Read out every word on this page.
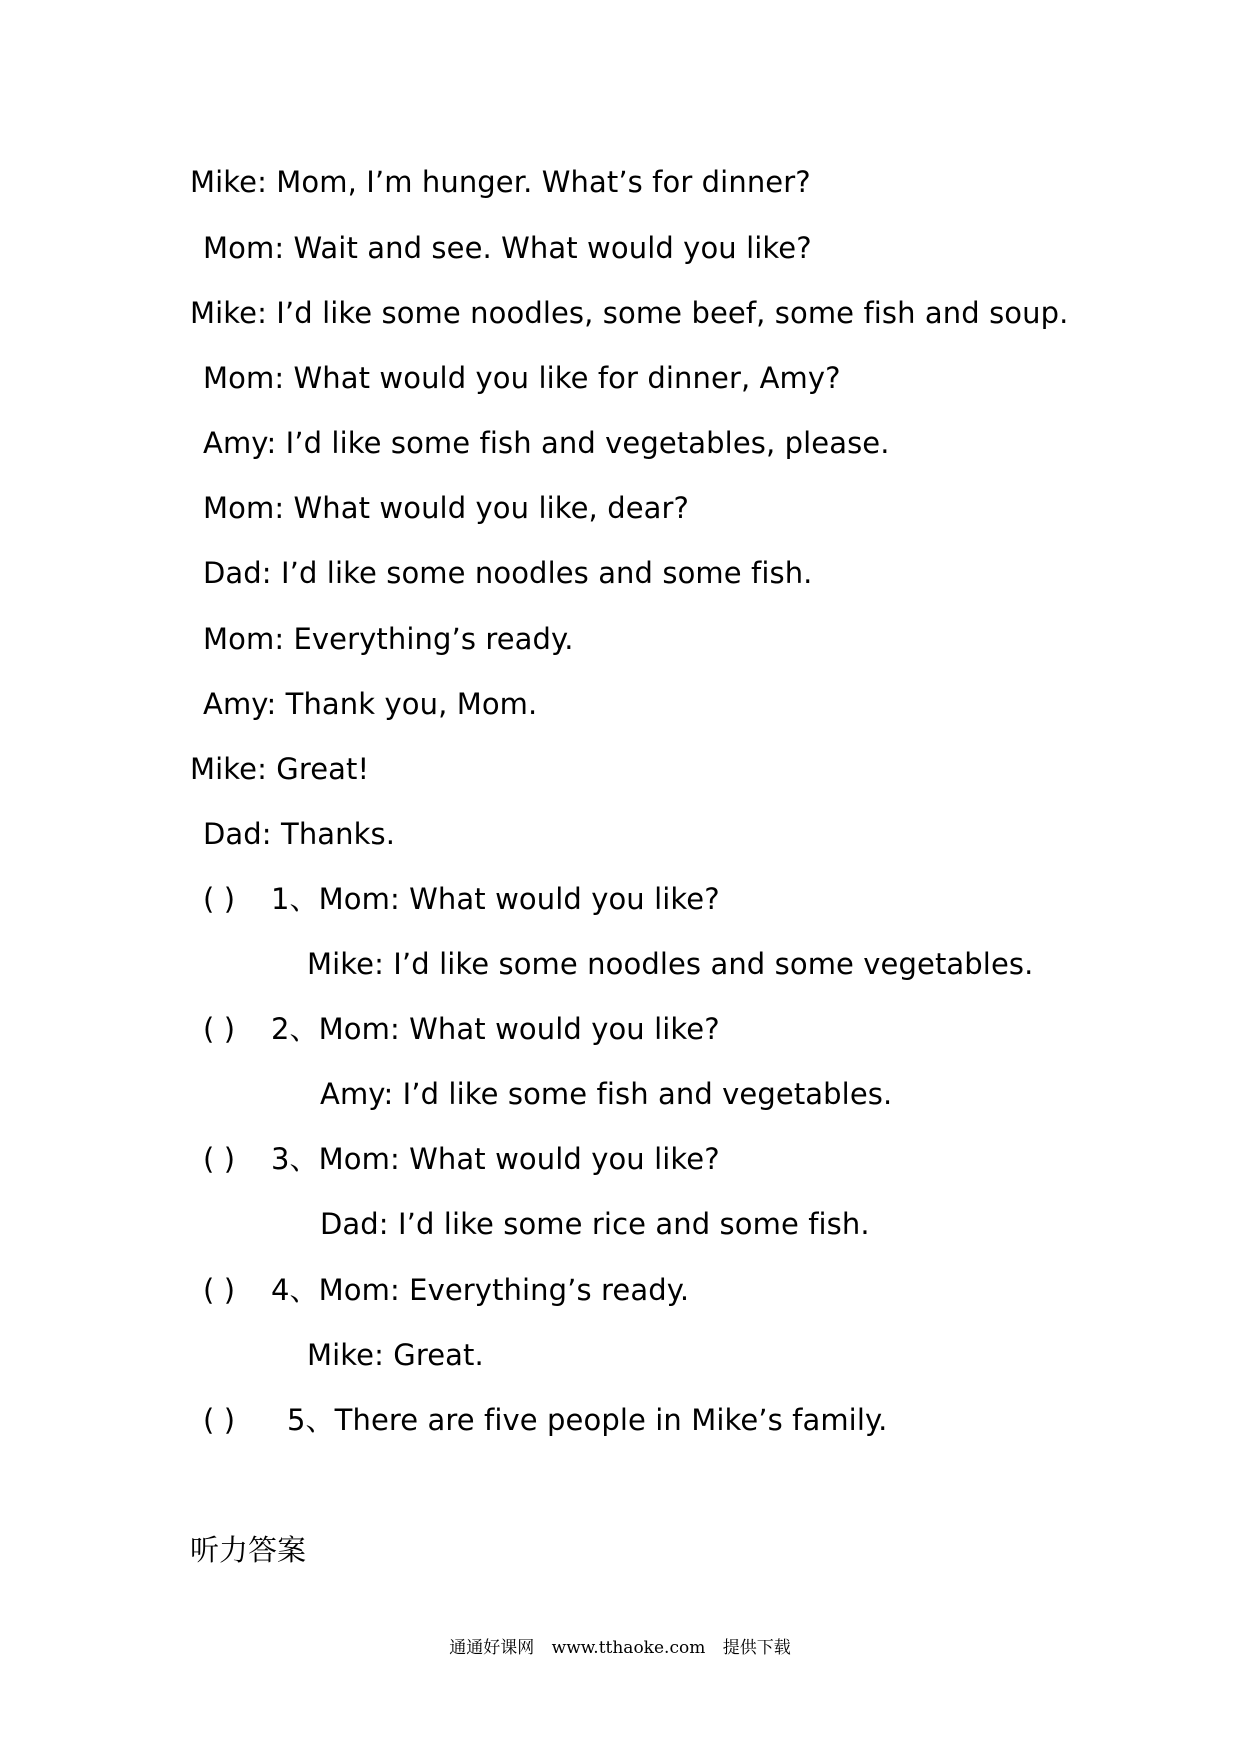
Mike: Mom, I’m hunger. What’s for dinner?
Mom: Wait and see. What would you like?
Mike: I’d like some noodles, some beef, some fish and soup.
Mom: What would you like for dinner, Amy?
Amy: I’d like some fish and vegetables, please.
Mom: What would you like, dear?
Dad: I’d like some noodles and some fish.
Mom: Everything’s ready.
Amy: Thank you, Mom.
Mike: Great!
Dad: Thanks.
( ) 1、Mom: What would you like?
Mike: I’d like some noodles and some vegetables.
( ) 2、Mom: What would you like?
Amy: I’d like some fish and vegetables.
( ) 3、Mom: What would you like?
Dad: I’d like some rice and some fish.
( ) 4、Mom: Everything’s ready.
Mike: Great.
( ) 5、There are five people in Mike’s family.
听力答案
通通好课网 www.tthaoke.com 提供下载
